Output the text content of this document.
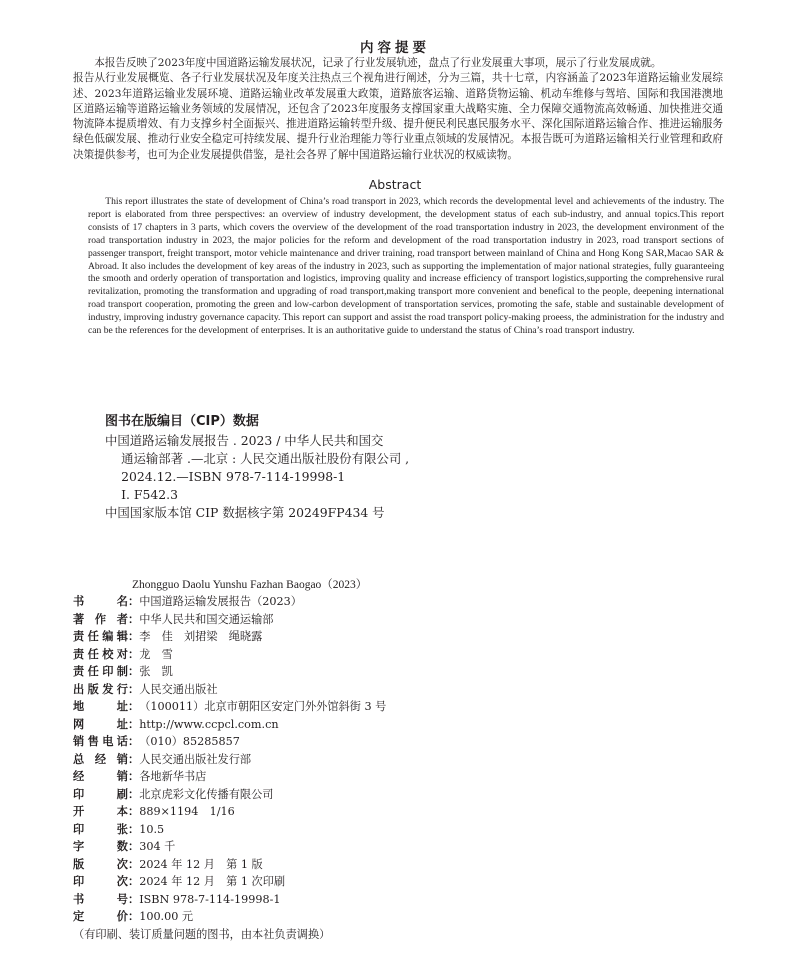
内容提要

本报告反映了2023年度中国道路运输发展状况，记录了行业发展轨迹，盘点了行业发展重大事项，展示了行业发展成就。

报告从行业发展概览、各子行业发展状况及年度关注热点三个视角进行阐述，分为三篇，共十七章，内容涵盖了2023年道路运输业发展综述、2023年道路运输业发展环境、道路运输业改革发展重大政策，道路旅客运输、道路货物运输、机动车维修与驾培、国际和我国港澳地区道路运输等道路运输业务领域的发展情况，还包含了2023年度服务支撑国家重大战略实施、全力保障交通物流高效畅通、加快推进交通物流降本提质增效、有力支撑乡村全面振兴、推进道路运输转型升级、提升便民利民惠民服务水平、深化国际道路运输合作、推进运输服务绿色低碳发展、推动行业安全稳定可持续发展、提升行业治理能力等行业重点领域的发展情况。本报告既可为道路运输相关行业管理和政府决策提供参考，也可为企业发展提供借鉴，是社会各界了解中国道路运输行业状况的权威读物。

Abstract

This report illustrates the state of development of China’s road transport in 2023, which records the developmental level and achievements of the industry. The report is elaborated from three perspectives: an overview of industry development, the development status of each sub-industry, and annual topics.This report consists of 17 chapters in 3 parts, which covers the overview of the development of the road transportation industry in 2023, the development environment of the road transportation industry in 2023, the major policies for the reform and development of the road transportation industry in 2023, road transport sections of passenger transport, freight transport, motor vehicle maintenance and driver training, road transport between mainland of China and Hong Kong SAR,Macao SAR & Abroad. It also includes the development of key areas of the industry in 2023, such as supporting the implementation of major national strategies, fully guaranteeing the smooth and orderly operation of transportation and logistics, improving quality and increase efficiency of transport logistics,supporting the comprehensive rural revitalization, promoting the transformation and upgrading of road transport,making transport more convenient and benefical to the people, deepening international road transport cooperation, promoting the green and low-carbon development of transportation services, promoting the safe, stable and sustainable development of industry, improving industry governance capacity. This report can support and assist the road transport policy-making proeess, the administration for the industry and can be the references for the development of enterprises. It is an authoritative guide to understand the status of China’s road transport industry.

图书在版编目（CIP）数据
中国道路运输发展报告 . 2023 / 中华人民共和国交
通运输部著 .—北京 : 人民交通出版社股份有限公司 ,
2024.12.—ISBN 978-7-114-19998-1
Ⅰ. F542.3
中国国家版本馆 CIP 数据核字第 20249FP434 号
Zhongguo Daolu Yunshu Fazhan Baogao（2023）
书	名 ： 中国道路运输发展报告（2023）
著 作 者 ： 中华人民共和国交通运输部
责 任 编 辑 ： 李　佳　刘捃梁　绳晓露
责 任 校 对 ： 龙　雪
责 任 印 制 ： 张　凯
出 版 发 行 ： 人民交通出版社
地	址 ： （100011）北京市朝阳区安定门外外馆斜街 3 号
网	址 ： http://www.ccpcl.com.cn
销 售 电 话 ： （010）85285857
总 经 销 ： 人民交通出版社发行部
经	销 ： 各地新华书店
印	刷 ： 北京虎彩文化传播有限公司
开	本 ： 889×1194　1/16
印	张 ： 10.5
字	数 ： 304 千
版	次 ： 2024 年 12 月　第 1 版
印	次 ： 2024 年 12 月　第 1 次印刷
书	号 ： ISBN 978-7-114-19998-1
定	价 ： 100.00 元
（有印刷、装订质量问题的图书，由本社负责调换）
